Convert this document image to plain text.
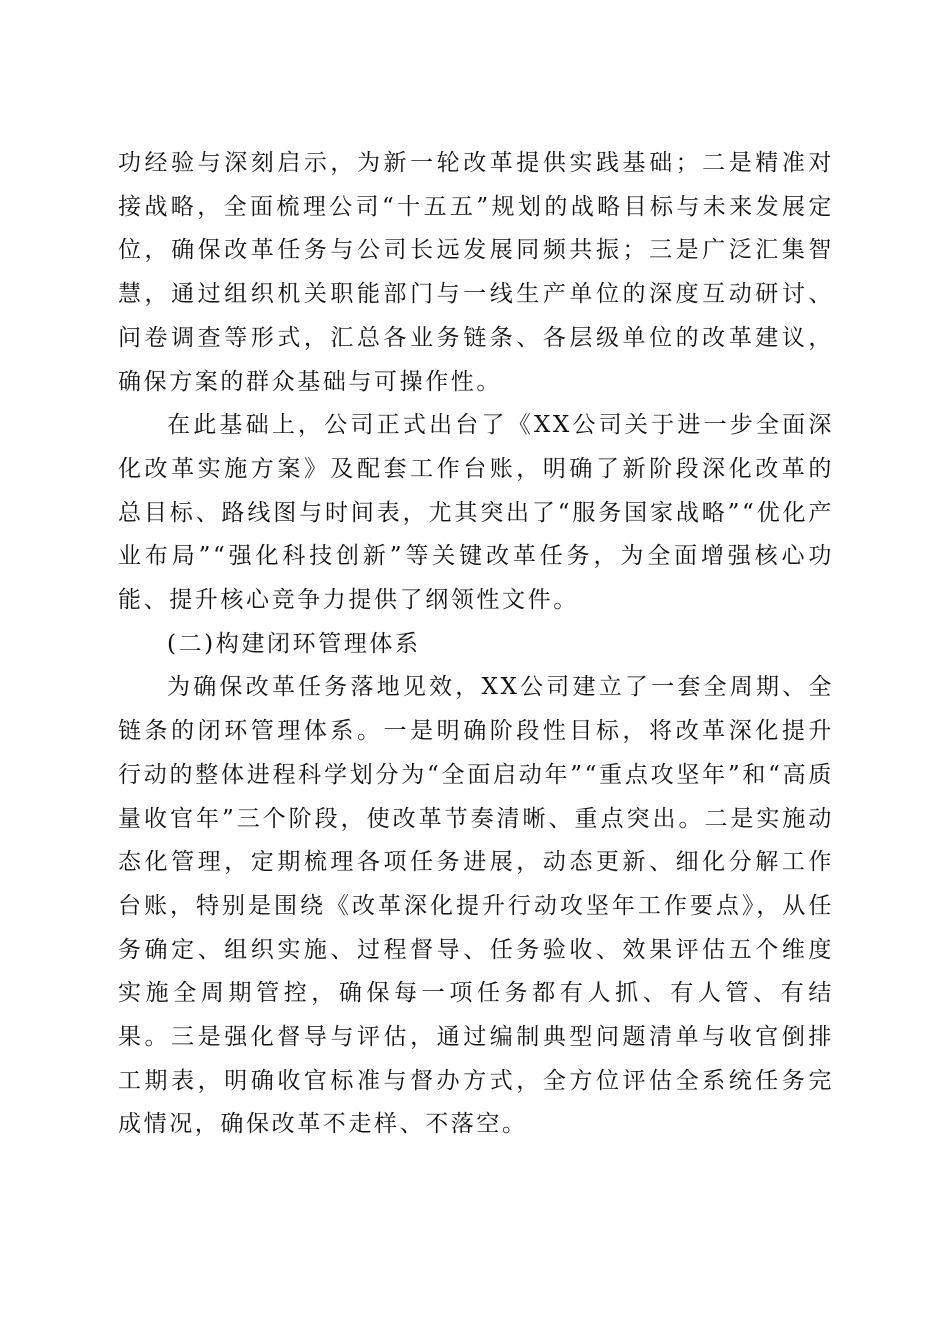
功经验与深刻启示，为新一轮改革提供实践基础；二是精准对接战略，全面梳理公司“十五五”规划的战略目标与未来发展定位，确保改革任务与公司长远发展同频共振；三是广泛汇集智慧，通过组织机关职能部门与一线生产单位的深度互动研讨、问卷调查等形式，汇总各业务链条、各层级单位的改革建议，确保方案的群众基础与可操作性。

在此基础上，公司正式出台了《XX公司关于进一步全面深化改革实施方案》及配套工作台账，明确了新阶段深化改革的总目标、路线图与时间表，尤其突出了“服务国家战略”“优化产业布局”“强化科技创新”等关键改革任务，为全面增强核心功能、提升核心竞争力提供了纲领性文件。

(二)构建闭环管理体系

为确保改革任务落地见效，XX公司建立了一套全周期、全链条的闭环管理体系。一是明确阶段性目标，将改革深化提升行动的整体进程科学划分为“全面启动年”“重点攻坚年”和“高质量收官年”三个阶段，使改革节奏清晰、重点突出。二是实施动态化管理，定期梳理各项任务进展，动态更新、细化分解工作台账，特别是围绕《改革深化提升行动攻坚年工作要点》，从任务确定、组织实施、过程督导、任务验收、效果评估五个维度实施全周期管控，确保每一项任务都有人抓、有人管、有结果。三是强化督导与评估，通过编制典型问题清单与收官倒排工期表，明确收官标准与督办方式，全方位评估全系统任务完成情况，确保改革不走样、不落空。
